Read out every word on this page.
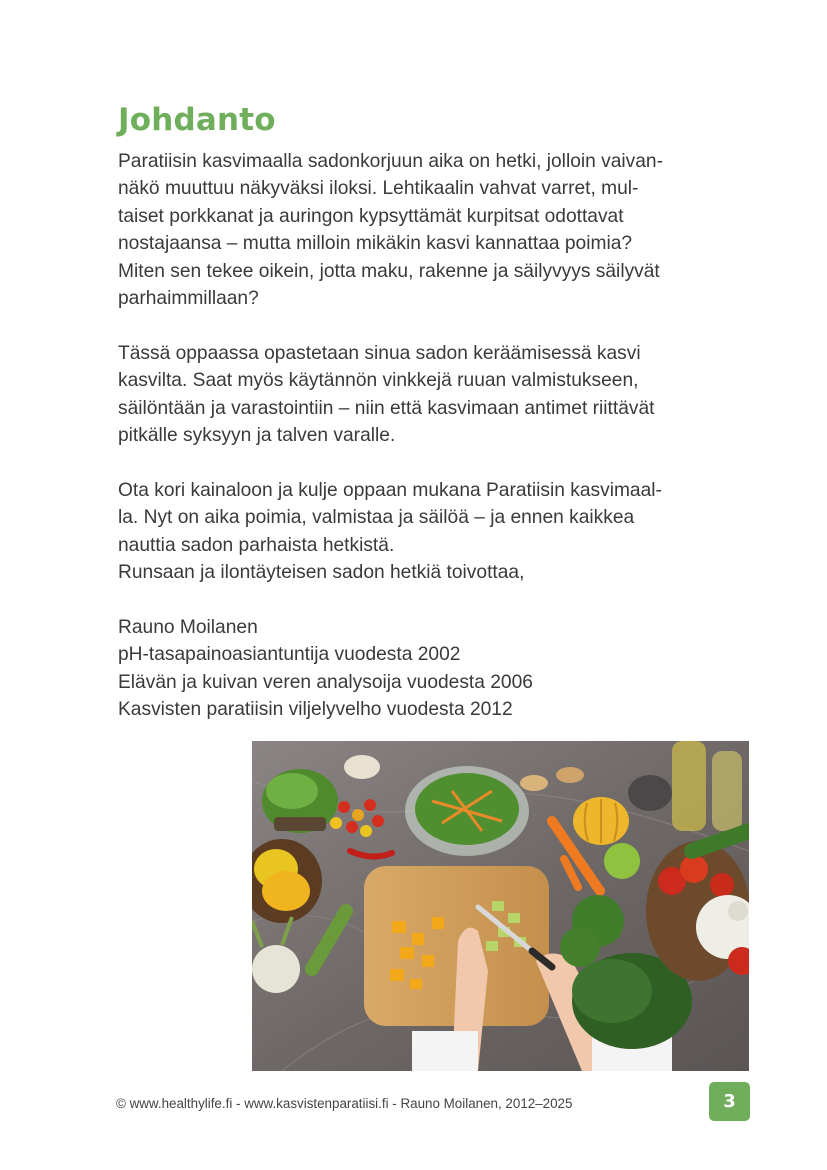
Johdanto

Paratiisin kasvimaalla sadonkorjuun aika on hetki, jolloin vaivan-
näkö muuttuu näkyväksi iloksi. Lehtikaalin vahvat varret, mul-
taiset porkkanat ja auringon kypsyttämät kurpitsat odottavat
nostajaansa – mutta milloin mikäkin kasvi kannattaa poimia?
Miten sen tekee oikein, jotta maku, rakenne ja säilyvyys säilyvät
parhaimmillaan?

Tässä oppaassa opastetaan sinua sadon keräämisessä kasvi
kasvilta. Saat myös käytännön vinkkejä ruuan valmistukseen,
säilöntään ja varastointiin – niin että kasvimaan antimet riittävät
pitkälle syksyyn ja talven varalle.

Ota kori kainaloon ja kulje oppaan mukana Paratiisin kasvimaal-
la. Nyt on aika poimia, valmistaa ja säilöä – ja ennen kaikkea
nauttia sadon parhaista hetkistä.
Runsaan ja ilontäyteisen sadon hetkiä toivottaa,

Rauno Moilanen
pH-tasapainoasiantuntija vuodesta 2002
Elävän ja kuivan veren analysoija vuodesta 2006
Kasvisten paratiisin viljelyvelho vuodesta 2012

© www.healthylife.fi - www.kasvistenparatiisi.fi - Rauno Moilanen, 2012–2025	3
